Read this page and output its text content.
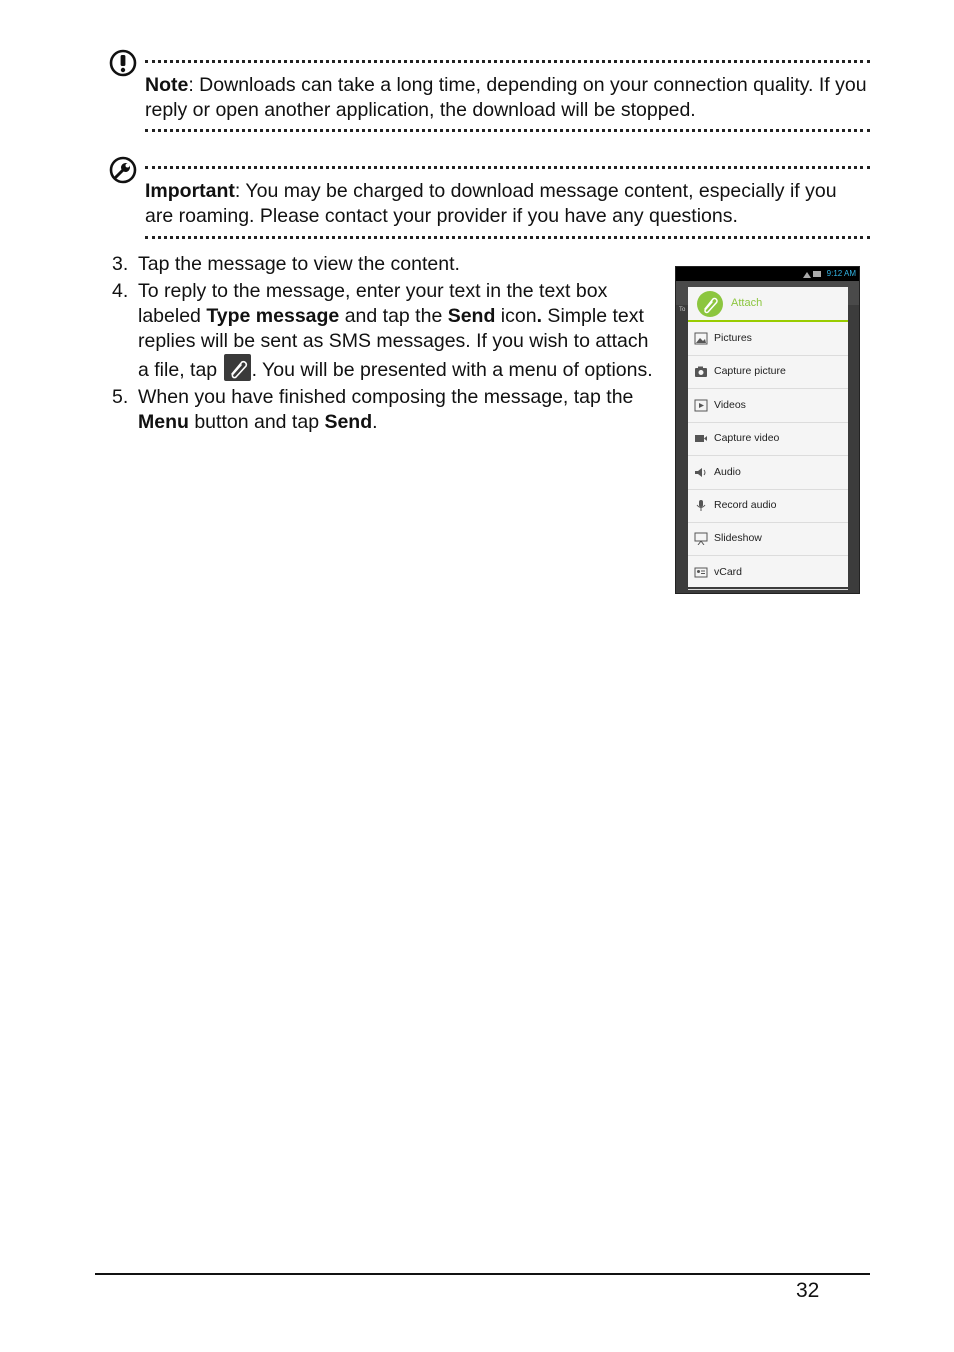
Note: Downloads can take a long time, depending on your connection quality. If you reply or open another application, the download will be stopped.
Important: You may be charged to download message content, especially if you are roaming. Please contact your provider if you have any questions.

3. Tap the message to view the content.

4. To reply to the message, enter your text in the text box labeled Type message and tap the Send icon. Simple text replies will be sent as SMS messages. If you wish to attach a file, tap . You will be presented with a menu of options.

5. When you have finished composing the message, tap the Menu button and tap Send.

9:12 AM
To
Attach
Pictures
Capture picture
Videos
Capture video
Audio
Record audio
Slideshow
vCard
32
